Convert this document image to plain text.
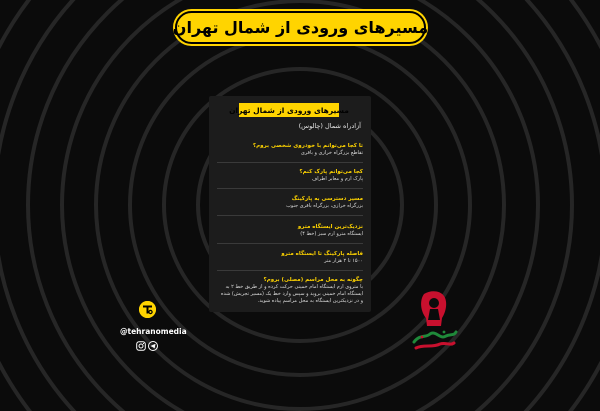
مسیرهای ورودی از شمال تهران
مسیرهای ورودی از شمال تهران
آزادراه شمال (چالوس)
تا کجا می‌توانم با خودروی شخصی بروم؟
تقاطع بزرگراه خرازی و باقری
کجا می‌توانم پارک کنم؟
پارک ارم و معابر اطراف
مسیر دسترسی به پارکینگ
بزرگراه خرازی، بزرگراه باقری جنوب
نزدیک‌ترین ایستگاه مترو
ایستگاه مترو ارم سبز (خط ۴)
فاصله پارکینگ تا ایستگاه مترو
۱۵۰۰ تا ۲ هزار متر
چگونه به محل مراسم (مصلی) بروم؟
با متروی ارم ایستگاه امام خمینی حرکت کرده و از طریق خط ۲ به ایستگاه امام خمینی بروید و سپس وارد خط یک (مسیر تجریش) شده و در نزدیکترین ایستگاه به محل مراسم پیاده شوید.
@tehranomedia
